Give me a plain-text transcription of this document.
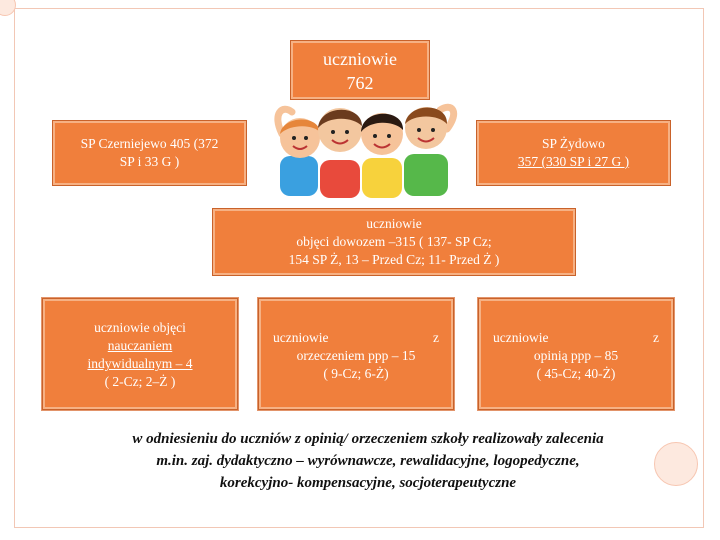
uczniowie
762
SP Czerniejewo 405 (372
SP i 33 G )
SP Żydowo
357 (330 SP i 27 G )
uczniowie
objęci dowozem –315 ( 137- SP Cz;
154 SP Ż, 13 – Przed Cz; 11- Przed Ż )
uczniowie objęci
nauczaniem
indywidualnym – 4
( 2-Cz; 2–Ż )
uczniowie	z
orzeczeniem ppp – 15
( 9-Cz; 6-Ż)
uczniowie	z
opinią ppp – 85
( 45-Cz; 40-Ż)
w odniesieniu do uczniów z opinią/ orzeczeniem szkoły realizowały zalecenia
m.in. zaj. dydaktyczno – wyrównawcze, rewalidacyjne, logopedyczne,
korekcyjno- kompensacyjne, socjoterapeutyczne
